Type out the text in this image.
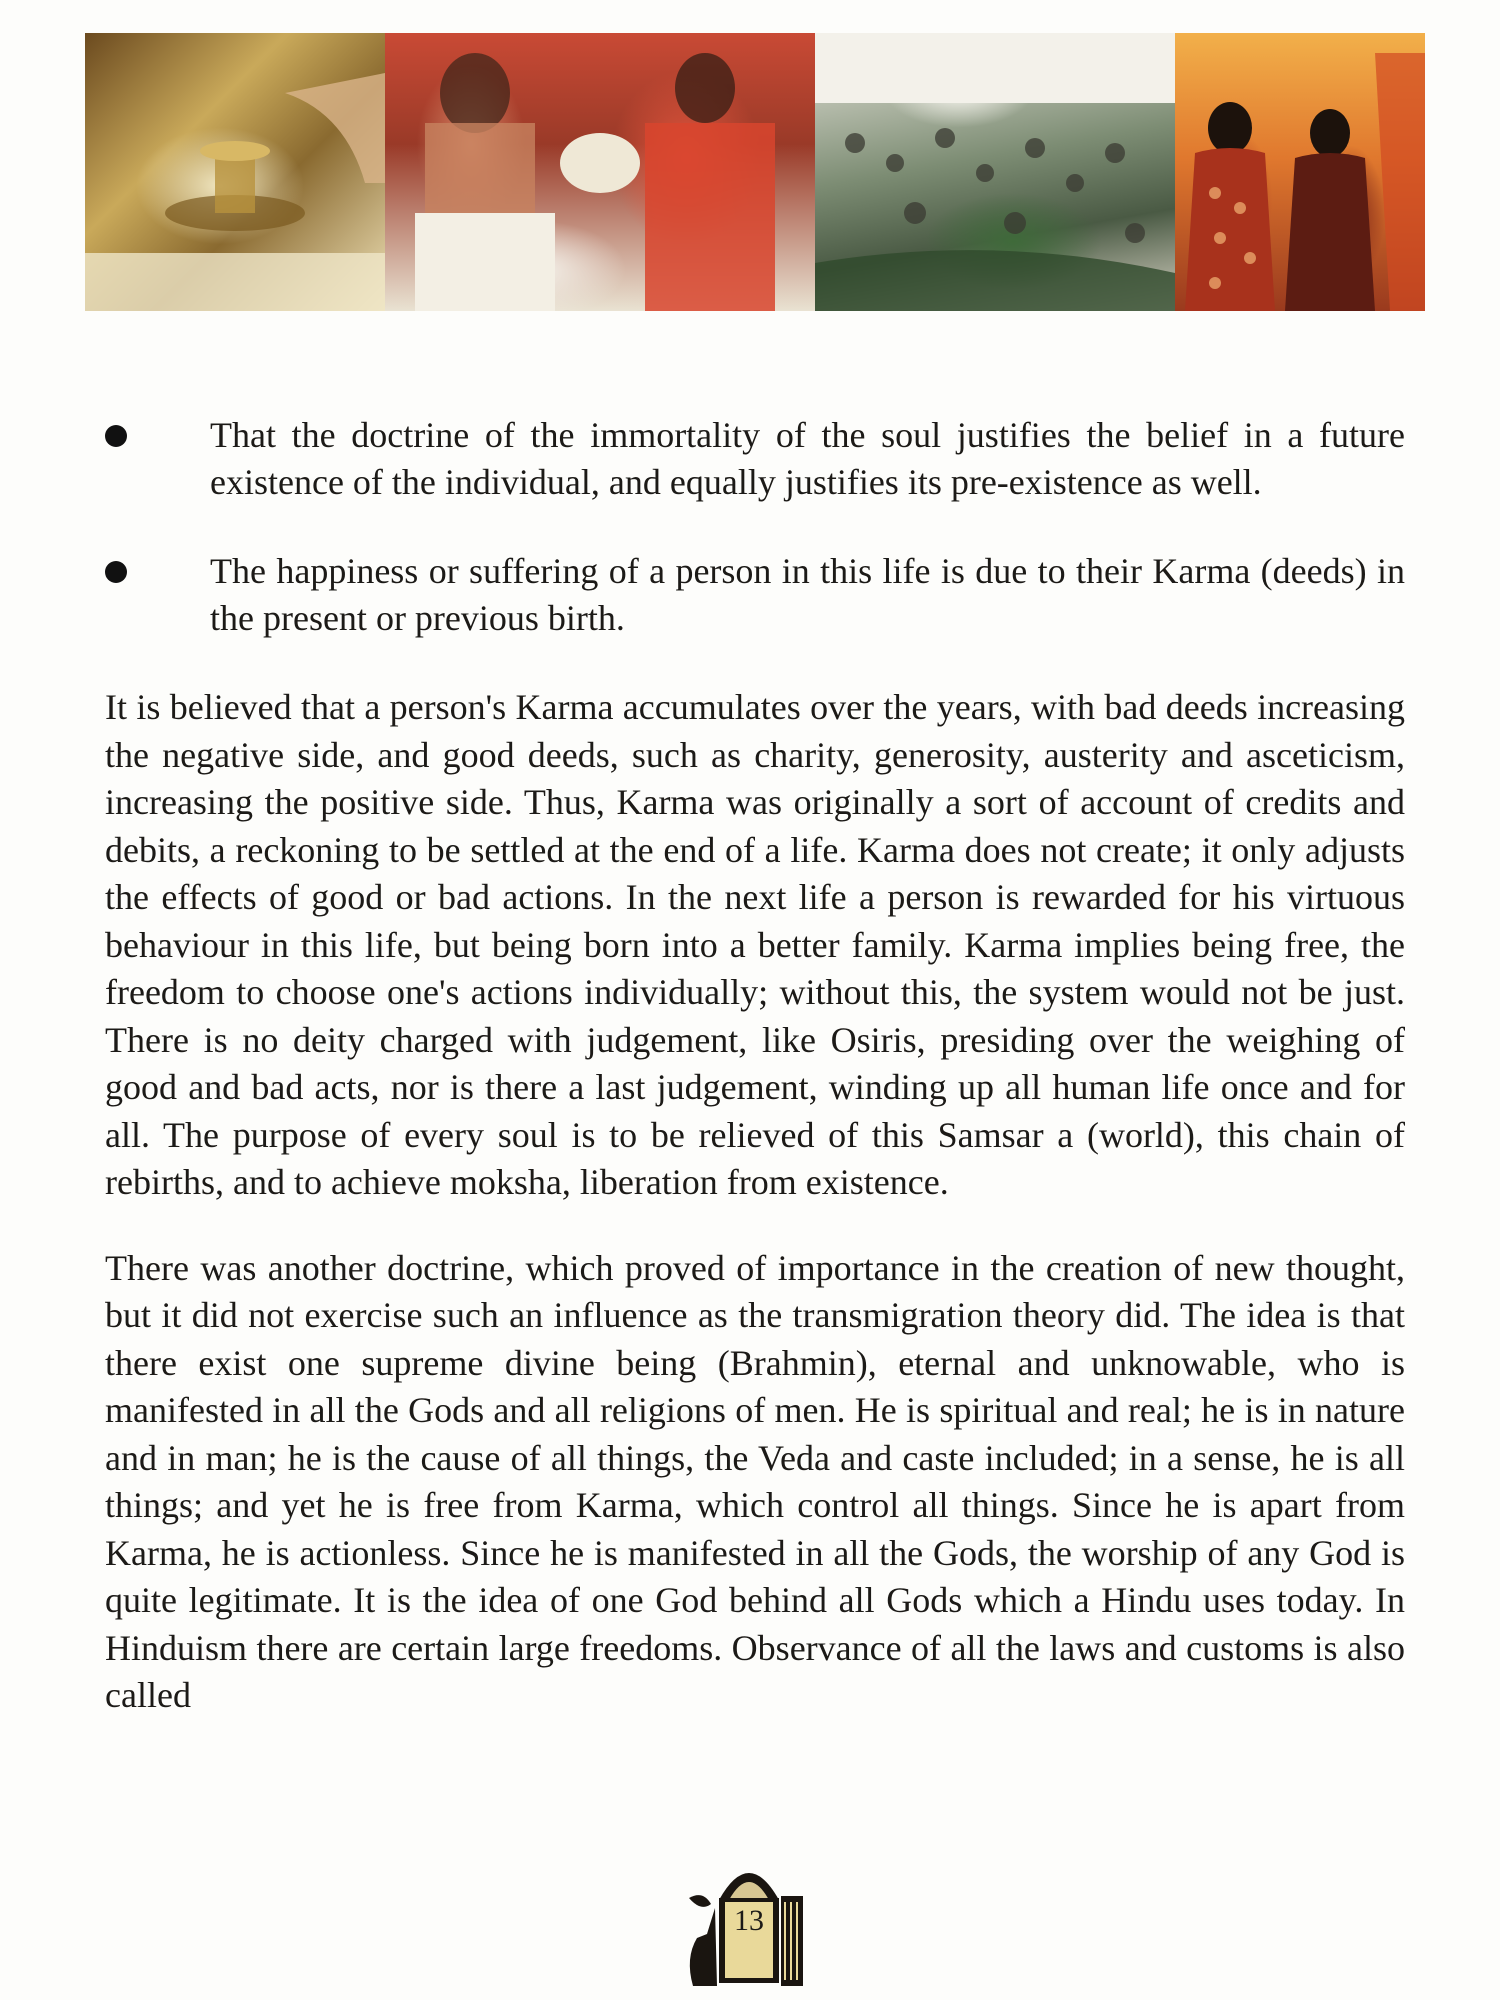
That the doctrine of the immortality of the soul justifies the belief in a future existence of the individual, and equally justifies its pre-existence as well.
The happiness or suffering of a person in this life is due to their Karma (deeds) in the present or previous birth.

It is believed that a person's Karma accumulates over the years, with bad deeds increasing the negative side, and good deeds, such as charity, generosity, austerity and asceticism, increasing the positive side. Thus, Karma was originally a sort of account of credits and debits, a reckoning to be settled at the end of a life. Karma does not create; it only adjusts the effects of good or bad actions. In the next life a person is rewarded for his virtuous behaviour in this life, but being born into a better family. Karma implies being free, the freedom to choose one's actions individually; without this, the system would not be just. There is no deity charged with judgement, like Osiris, presiding over the weighing of good and bad acts, nor is there a last judgement, winding up all human life once and for all. The purpose of every soul is to be relieved of this Samsar a (world), this chain of rebirths, and to achieve moksha, liberation from existence.

There was another doctrine, which proved of importance in the creation of new thought, but it did not exercise such an influence as the transmigration theory did. The idea is that there exist one supreme divine being (Brahmin), eternal and unknowable, who is manifested in all the Gods and all religions of men. He is spiritual and real; he is in nature and in man; he is the cause of all things, the Veda and caste included; in a sense, he is all things; and yet he is free from Karma, which control all things. Since he is apart from Karma, he is actionless. Since he is manifested in all the Gods, the worship of any God is quite legitimate. It is the idea of one God behind all Gods which a Hindu uses today. In Hinduism there are certain large freedoms. Observance of all the laws and customs is also called

13
